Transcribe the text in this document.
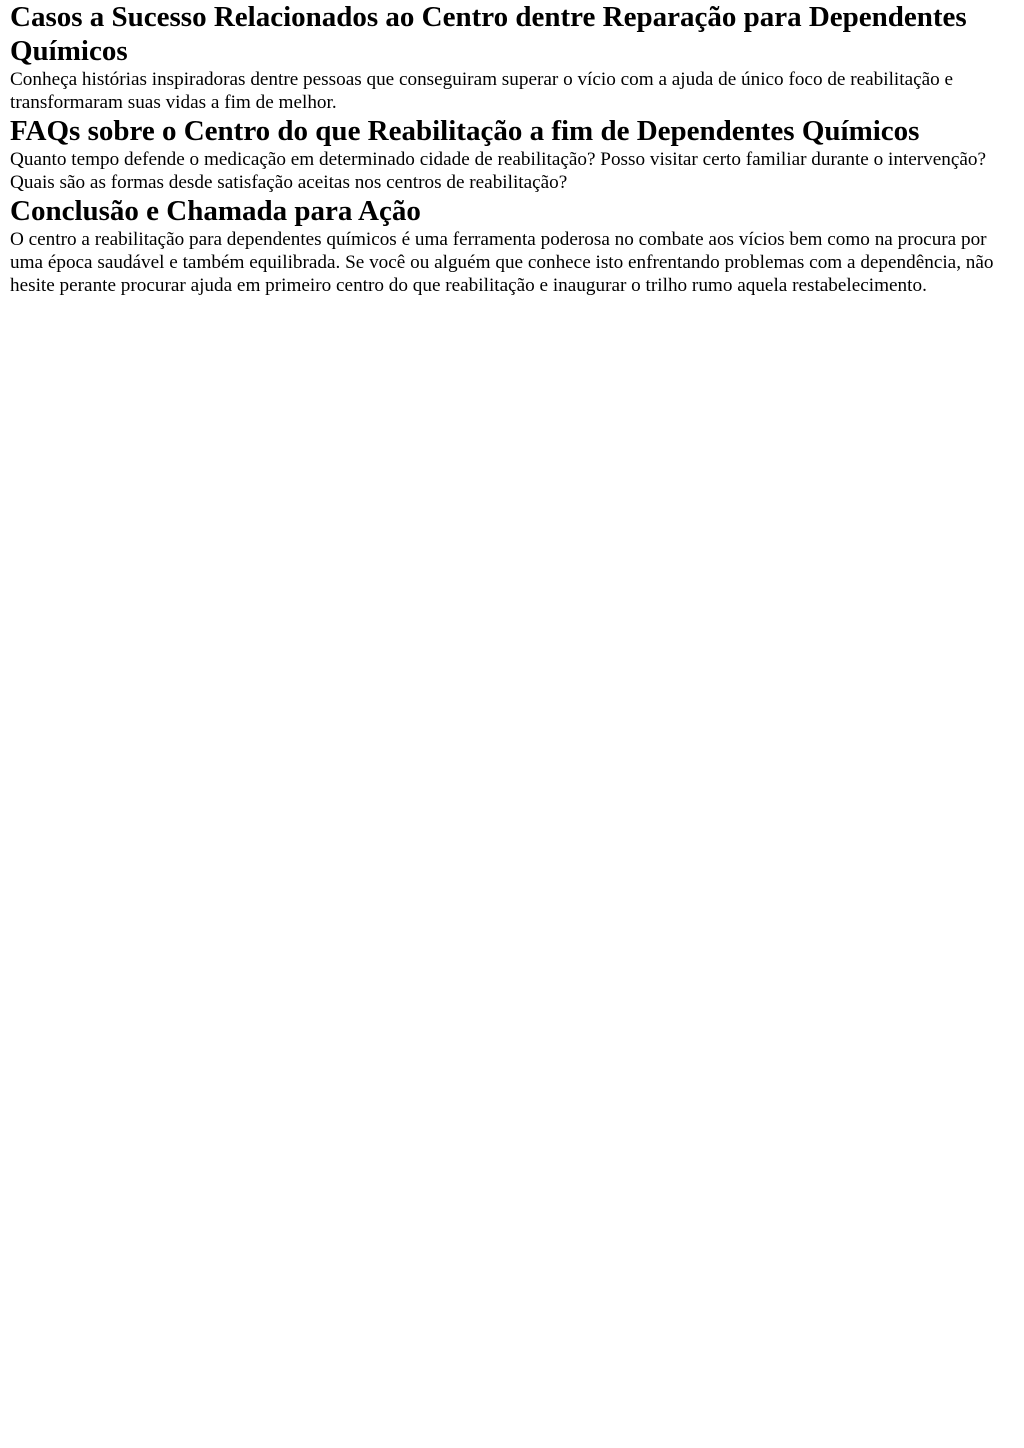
Casos a Sucesso Relacionados ao Centro dentre Reparação para Dependentes Químicos

Conheça histórias inspiradoras dentre pessoas que conseguiram superar o vício com a ajuda de único foco de reabilitação e transformaram suas vidas a fim de melhor.

FAQs sobre o Centro do que Reabilitação a fim de Dependentes Químicos

Quanto tempo defende o medicação em determinado cidade de reabilitação? Posso visitar certo familiar durante o intervenção? Quais são as formas desde satisfação aceitas nos centros de reabilitação?

Conclusão e Chamada para Ação

O centro a reabilitação para dependentes químicos é uma ferramenta poderosa no combate aos vícios bem como na procura por uma época saudável e também equilibrada. Se você ou alguém que conhece isto enfrentando problemas com a dependência, não hesite perante procurar ajuda em primeiro centro do que reabilitação e inaugurar o trilho rumo aquela restabelecimento.
